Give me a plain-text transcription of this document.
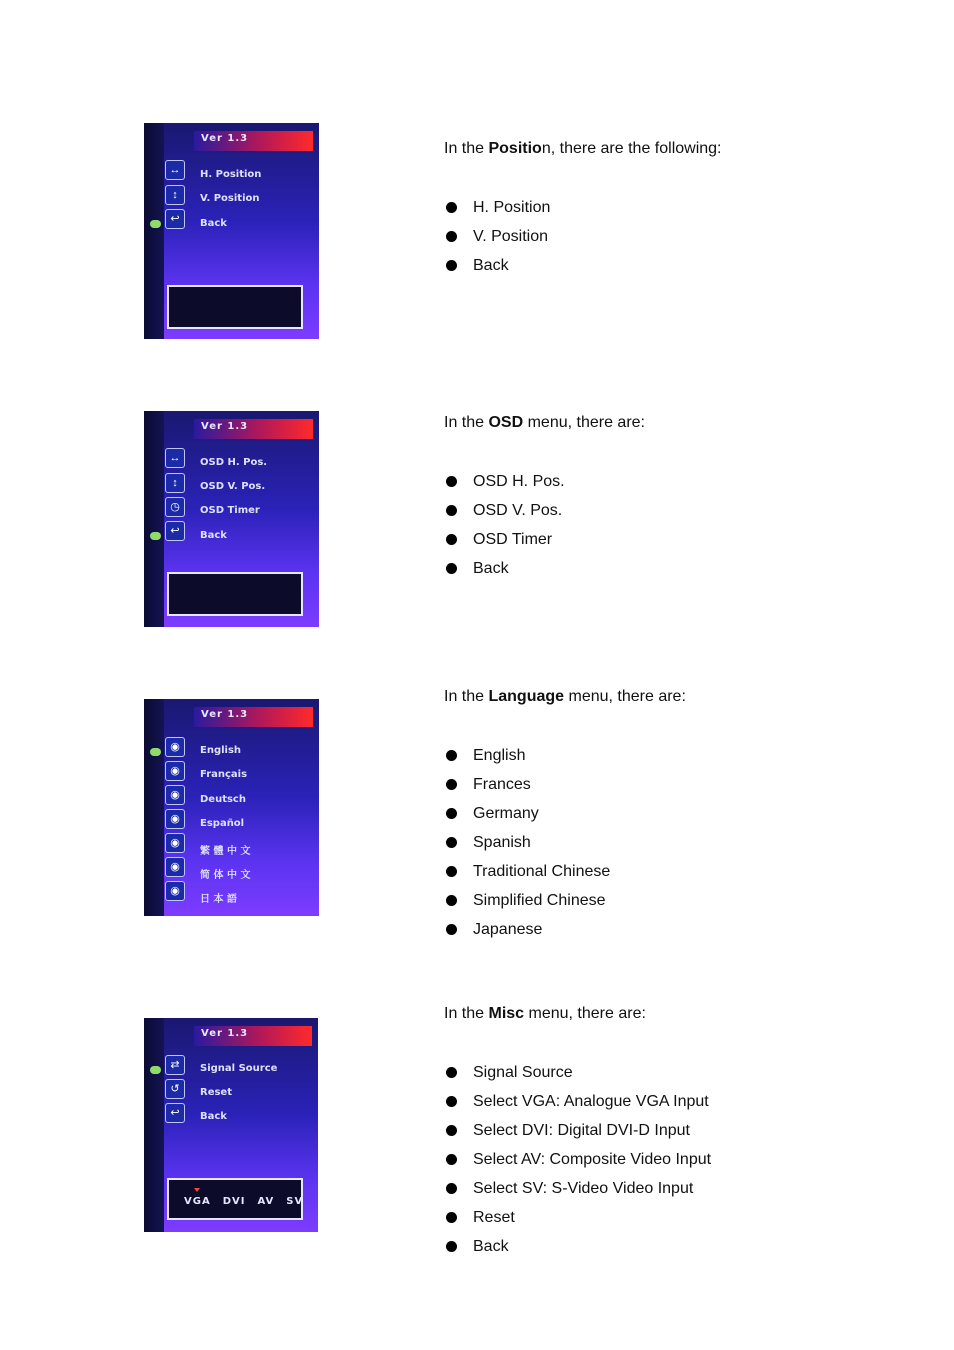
Ver 1.3
↔
↕
↩
H. Position
V. Position
Back
In the Position, there are the following:
H. Position
V. Position
Back
Ver 1.3
↔
↕
◷
↩
OSD H. Pos.
OSD V. Pos.
OSD Timer
Back
In the OSD menu, there are:
OSD H. Pos.
OSD V. Pos.
OSD Timer
Back
Ver 1.3
◉
◉
◉
◉
◉
◉
◉
English
Français
Deutsch
Español
繁 體 中 文
简 体 中 文
日 本 語
In the Language menu, there are:
English
Frances
Germany
Spanish
Traditional Chinese
Simplified Chinese
Japanese
Ver 1.3
⇄
↺
↩
Signal Source
Reset
Back
VGA DVI AV SV
In the Misc menu, there are:
Signal Source
Select VGA: Analogue VGA Input
Select DVI: Digital DVI-D Input
Select AV: Composite Video Input
Select SV: S-Video Video Input
Reset
Back
